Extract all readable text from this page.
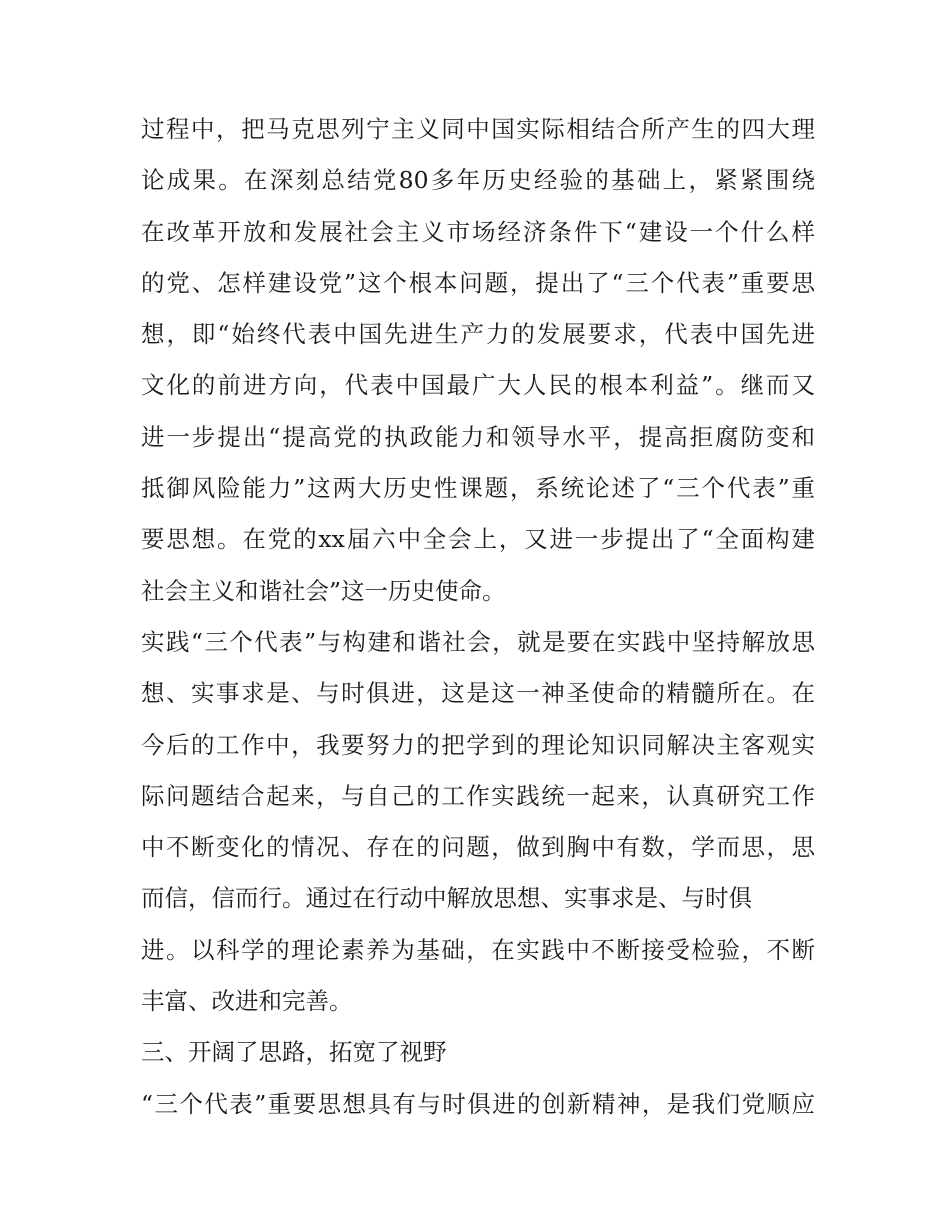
过程中，把马克思列宁主义同中国实际相结合所产生的四大理
论成果。在深刻总结党80多年历史经验的基础上，紧紧围绕
在改革开放和发展社会主义市场经济条件下“建设一个什么样
的党、怎样建设党”这个根本问题，提出了“三个代表”重要思
想，即“始终代表中国先进生产力的发展要求，代表中国先进
文化的前进方向，代表中国最广大人民的根本利益”。继而又
进一步提出“提高党的执政能力和领导水平，提高拒腐防变和
抵御风险能力”这两大历史性课题，系统论述了“三个代表”重
要思想。在党的xx届六中全会上，又进一步提出了“全面构建
社会主义和谐社会”这一历史使命。
实践“三个代表”与构建和谐社会，就是要在实践中坚持解放思
想、实事求是、与时俱进，这是这一神圣使命的精髓所在。在
今后的工作中，我要努力的把学到的理论知识同解决主客观实
际问题结合起来，与自己的工作实践统一起来，认真研究工作
中不断变化的情况、存在的问题，做到胸中有数，学而思，思
而信，信而行。通过在行动中解放思想、实事求是、与时俱
进。以科学的理论素养为基础，在实践中不断接受检验，不断
丰富、改进和完善。
三、开阔了思路，拓宽了视野
“三个代表”重要思想具有与时俱进的创新精神，是我们党顺应
